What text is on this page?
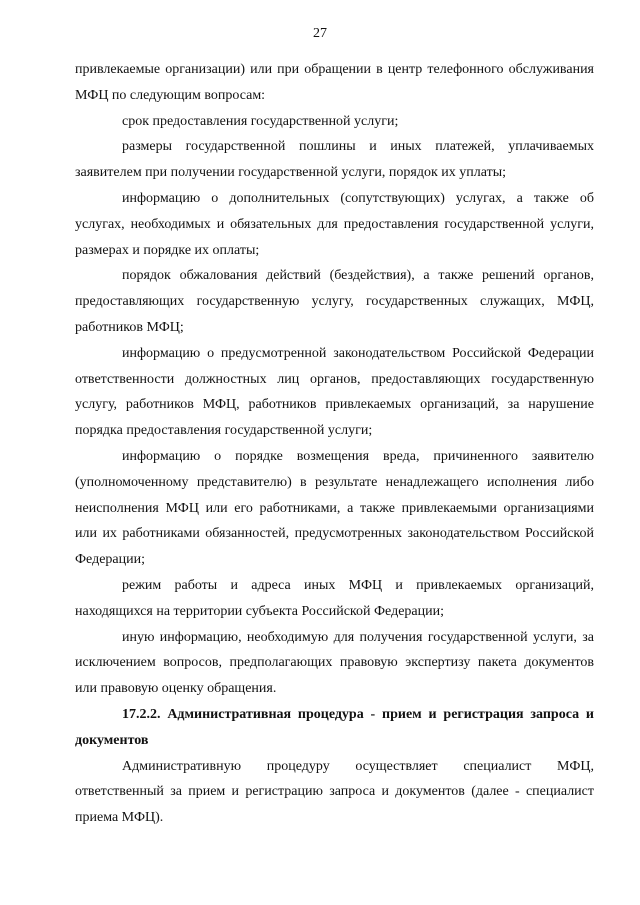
27

привлекаемые организации) или при обращении в центр телефонного обслуживания МФЦ по следующим вопросам:

срок предоставления государственной услуги;

размеры государственной пошлины и иных платежей, уплачиваемых заявителем при получении государственной услуги, порядок их уплаты;

информацию о дополнительных (сопутствующих) услугах, а также об услугах, необходимых и обязательных для предоставления государственной услуги, размерах и порядке их оплаты;

порядок обжалования действий (бездействия), а также решений органов, предоставляющих государственную услугу, государственных служащих, МФЦ, работников МФЦ;

информацию о предусмотренной законодательством Российской Федерации ответственности должностных лиц органов, предоставляющих государственную услугу, работников МФЦ, работников привлекаемых организаций, за нарушение порядка предоставления государственной услуги;

информацию о порядке возмещения вреда, причиненного заявителю (уполномоченному представителю) в результате ненадлежащего исполнения либо неисполнения МФЦ или его работниками, а также привлекаемыми организациями или их работниками обязанностей, предусмотренных законодательством Российской Федерации;

режим работы и адреса иных МФЦ и привлекаемых организаций, находящихся на территории субъекта Российской Федерации;

иную информацию, необходимую для получения государственной услуги, за исключением вопросов, предполагающих правовую экспертизу пакета документов или правовую оценку обращения.

17.2.2. Административная процедура - прием и регистрация запроса и документов

Административную процедуру осуществляет специалист МФЦ, ответственный за прием и регистрацию запроса и документов (далее - специалист приема МФЦ).
